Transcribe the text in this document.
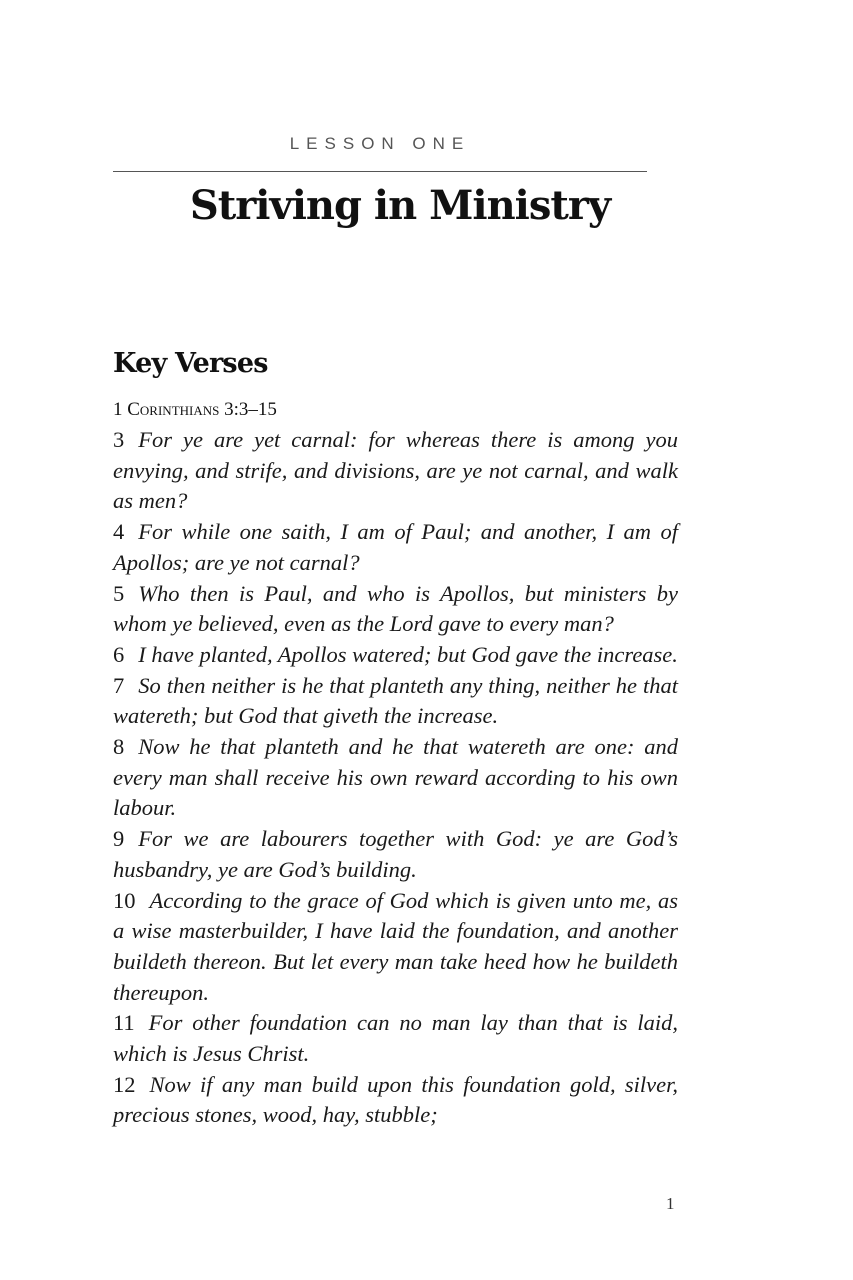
LESSON ONE
Striving in Ministry
Key Verses
1 Corinthians 3:3–15

3 For ye are yet carnal: for whereas there is among you envying, and strife, and divisions, are ye not carnal, and walk as men?

4 For while one saith, I am of Paul; and another, I am of Apollos; are ye not carnal?

5 Who then is Paul, and who is Apollos, but ministers by whom ye believed, even as the Lord gave to every man?

6 I have planted, Apollos watered; but God gave the increase.

7 So then neither is he that planteth any thing, neither he that watereth; but God that giveth the increase.

8 Now he that planteth and he that watereth are one: and every man shall receive his own reward according to his own labour.

9 For we are labourers together with God: ye are God’s husbandry, ye are God’s building.

10 According to the grace of God which is given unto me, as a wise masterbuilder, I have laid the foundation, and another buildeth thereon. But let every man take heed how he buildeth thereupon.

11 For other foundation can no man lay than that is laid, which is Jesus Christ.

12 Now if any man build upon this foundation gold, silver, precious stones, wood, hay, stubble;

1
